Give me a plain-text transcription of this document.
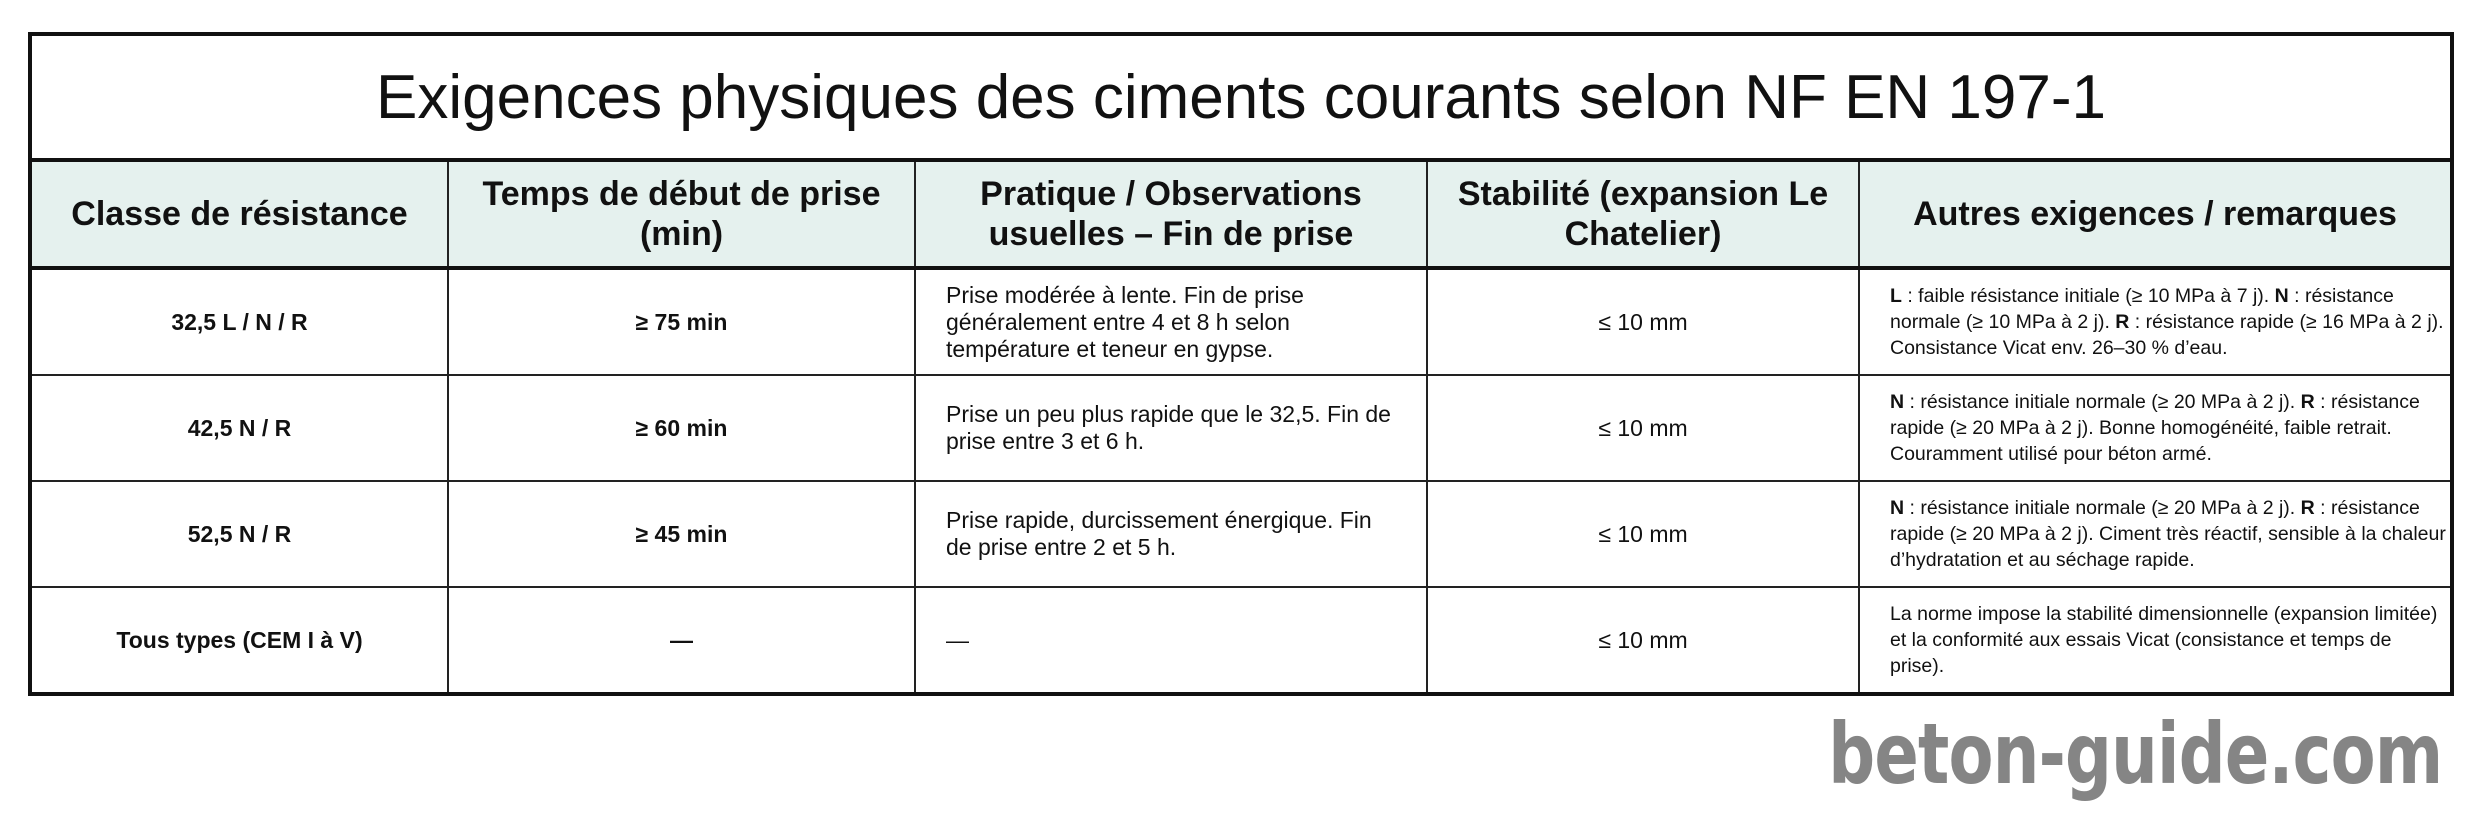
Exigences physiques des ciments courants selon NF EN 197-1				
Classe de résistance	Temps de début de prise (min)	Pratique / Observations usuelles – Fin de prise	Stabilité (expansion Le Chatelier)	Autres exigences / remarques
32,5 L / N / R	≥ 75 min	Prise modérée à lente. Fin de prise généralement entre 4 et 8 h selon température et teneur en gypse.	≤ 10 mm	L : faible résistance initiale (≥ 10 MPa à 7 j). N : résistance normale (≥ 10 MPa à 2 j). R : résistance rapide (≥ 16 MPa à 2 j). Consistance Vicat env. 26–30 % d’eau.
42,5 N / R	≥ 60 min	Prise un peu plus rapide que le 32,5. Fin de prise entre 3 et 6 h.	≤ 10 mm	N : résistance initiale normale (≥ 20 MPa à 2 j). R : résistance rapide (≥ 20 MPa à 2 j). Bonne homogénéité, faible retrait. Couramment utilisé pour béton armé.
52,5 N / R	≥ 45 min	Prise rapide, durcissement énergique. Fin de prise entre 2 et 5 h.	≤ 10 mm	N : résistance initiale normale (≥ 20 MPa à 2 j). R : résistance rapide (≥ 20 MPa à 2 j). Ciment très réactif, sensible à la chaleur d’hydratation et au séchage rapide.
Tous types (CEM I à V)	—	—	≤ 10 mm	La norme impose la stabilité dimensionnelle (expansion limitée) et la conformité aux essais Vicat (consistance et temps de prise).
beton-guide.com
